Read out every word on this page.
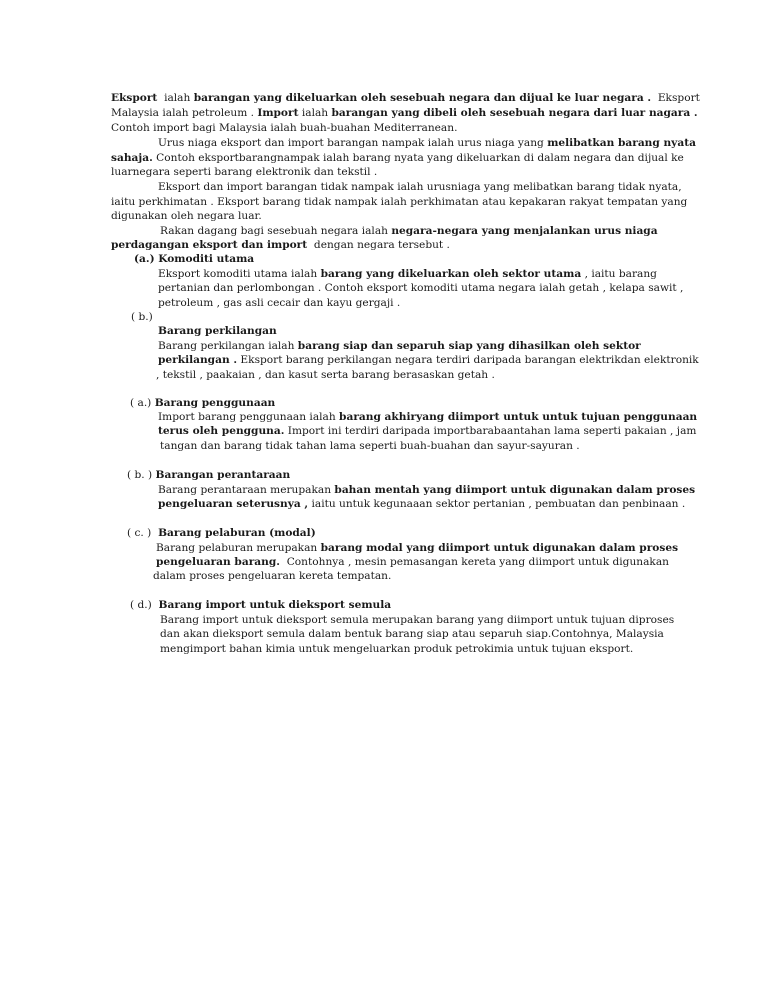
Eksport ialah barangan yang dikeluarkan oleh sesebuah negara dan dijual ke luar negara . Eksport
Malaysia ialah petroleum . Import ialah barangan yang dibeli oleh sesebuah negara dari luar nagara .
Contoh import bagi Malaysia ialah buah-buahan Mediterranean.
Urus niaga eksport dan import barangan nampak ialah urus niaga yang melibatkan barang nyata
sahaja. Contoh eksportbarangnampak ialah barang nyata yang dikeluarkan di dalam negara dan dijual ke
luarnegara seperti barang elektronik dan tekstil .
Eksport dan import barangan tidak nampak ialah urusniaga yang melibatkan barang tidak nyata,
iaitu perkhimatan . Eksport barang tidak nampak ialah perkhimatan atau kepakaran rakyat tempatan yang
digunakan oleh negara luar.
Rakan dagang bagi sesebuah negara ialah negara-negara yang menjalankan urus niaga
perdagangan eksport dan import dengan negara tersebut .
(a.) Komoditi utama
Eksport komoditi utama ialah barang yang dikeluarkan oleh sektor utama , iaitu barang
pertanian dan perlombongan . Contoh eksport komoditi utama negara ialah getah , kelapa sawit ,
petroleum , gas asli cecair dan kayu gergaji .
( b.)
Barang perkilangan
Barang perkilangan ialah barang siap dan separuh siap yang dihasilkan oleh sektor
perkilangan . Eksport barang perkilangan negara terdiri daripada barangan elektrikdan elektronik
, tekstil , paakaian , dan kasut serta barang berasaskan getah .
( a.) Barang penggunaan
Import barang penggunaan ialah barang akhiryang diimport untuk untuk tujuan penggunaan
terus oleh pengguna. Import ini terdiri daripada importbarabaantahan lama seperti pakaian , jam
tangan dan barang tidak tahan lama seperti buah-buahan dan sayur-sayuran .
( b. ) Barangan perantaraan
Barang perantaraan merupakan bahan mentah yang diimport untuk digunakan dalam proses
pengeluaran seterusnya , iaitu untuk kegunaaan sektor pertanian , pembuatan dan penbinaan .
( c. ) Barang pelaburan (modal)
Barang pelaburan merupakan barang modal yang diimport untuk digunakan dalam proses
pengeluaran barang. Contohnya , mesin pemasangan kereta yang diimport untuk digunakan
dalam proses pengeluaran kereta tempatan.
( d.) Barang import untuk dieksport semula
Barang import untuk dieksport semula merupakan barang yang diimport untuk tujuan diproses
dan akan dieksport semula dalam bentuk barang siap atau separuh siap.Contohnya, Malaysia
mengimport bahan kimia untuk mengeluarkan produk petrokimia untuk tujuan eksport.
